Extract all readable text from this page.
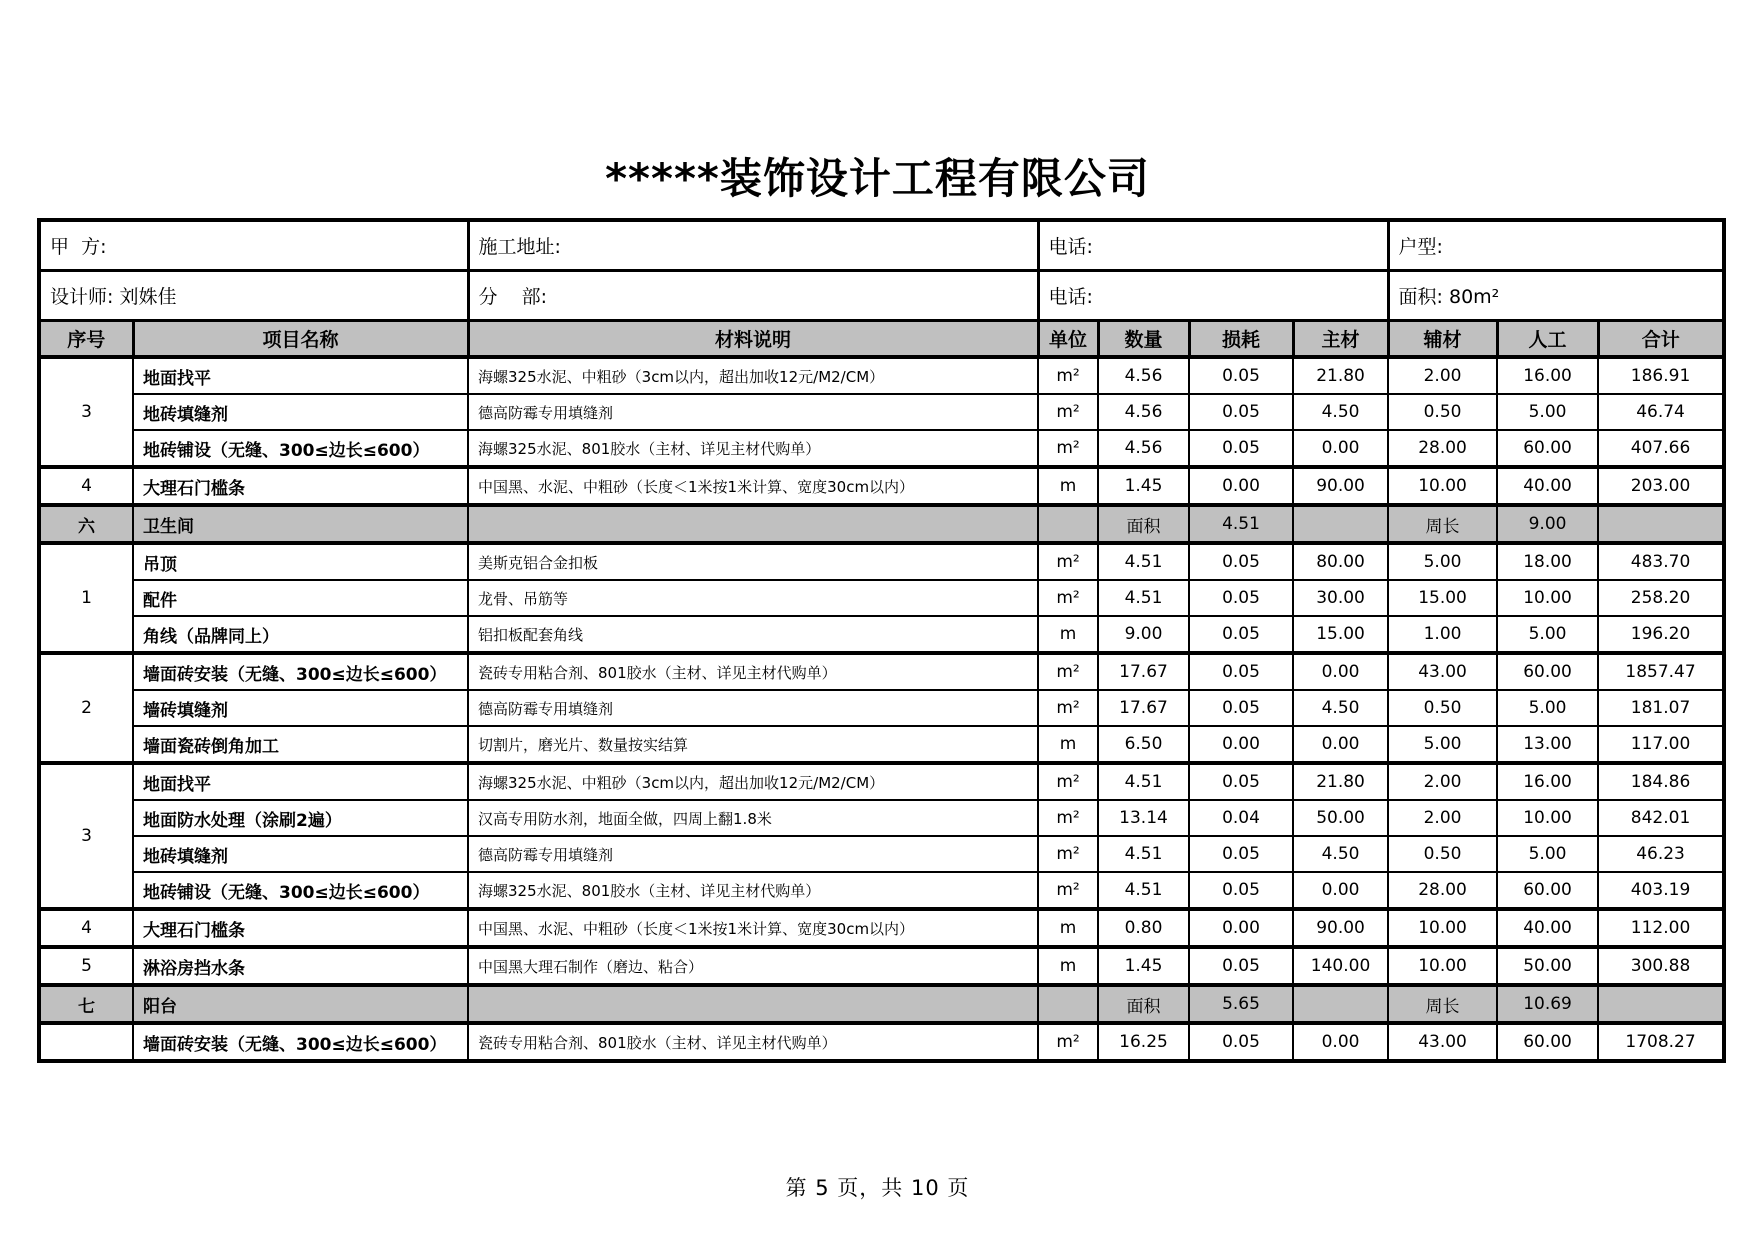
*****装饰设计工程有限公司
甲  方:		施工地址:	电话:				户型:		
设计师: 刘姝佳		分    部:	电话:				面积: 80m²		
序号	项目名称	材料说明	单位	数量	损耗	主材	辅材	人工	合计
3	地面找平	海螺325水泥、中粗砂（3cm以内，超出加收12元/M2/CM）	m²	4.56	0.05	21.80	2.00	16.00	186.91
	地砖填缝剂	德高防霉专用填缝剂	m²	4.56	0.05	4.50	0.50	5.00	46.74
	地砖铺设（无缝、300≤边长≤600）	海螺325水泥、801胶水（主材、详见主材代购单）	m²	4.56	0.05	0.00	28.00	60.00	407.66
4	大理石门槛条	中国黑、水泥、中粗砂（长度＜1米按1米计算、宽度30cm以内）	m	1.45	0.00	90.00	10.00	40.00	203.00
六	卫生间			面积	4.51		周长	9.00	
1	吊顶	美斯克铝合金扣板	m²	4.51	0.05	80.00	5.00	18.00	483.70
	配件	龙骨、吊筋等	m²	4.51	0.05	30.00	15.00	10.00	258.20
	角线（品牌同上）	铝扣板配套角线	m	9.00	0.05	15.00	1.00	5.00	196.20
2	墙面砖安装（无缝、300≤边长≤600）	瓷砖专用粘合剂、801胶水（主材、详见主材代购单）	m²	17.67	0.05	0.00	43.00	60.00	1857.47
	墙砖填缝剂	德高防霉专用填缝剂	m²	17.67	0.05	4.50	0.50	5.00	181.07
	墙面瓷砖倒角加工	切割片，磨光片、数量按实结算	m	6.50	0.00	0.00	5.00	13.00	117.00
3	地面找平	海螺325水泥、中粗砂（3cm以内，超出加收12元/M2/CM）	m²	4.51	0.05	21.80	2.00	16.00	184.86
	地面防水处理（涂刷2遍）	汉高专用防水剂，地面全做，四周上翻1.8米	m²	13.14	0.04	50.00	2.00	10.00	842.01
	地砖填缝剂	德高防霉专用填缝剂	m²	4.51	0.05	4.50	0.50	5.00	46.23
	地砖铺设（无缝、300≤边长≤600）	海螺325水泥、801胶水（主材、详见主材代购单）	m²	4.51	0.05	0.00	28.00	60.00	403.19
4	大理石门槛条	中国黑、水泥、中粗砂（长度＜1米按1米计算、宽度30cm以内）	m	0.80	0.00	90.00	10.00	40.00	112.00
5	淋浴房挡水条	中国黑大理石制作（磨边、粘合）	m	1.45	0.05	140.00	10.00	50.00	300.88
七	阳台			面积	5.65		周长	10.69	
	墙面砖安装（无缝、300≤边长≤600）	瓷砖专用粘合剂、801胶水（主材、详见主材代购单）	m²	16.25	0.05	0.00	43.00	60.00	1708.27
第 5 页，共 10 页
